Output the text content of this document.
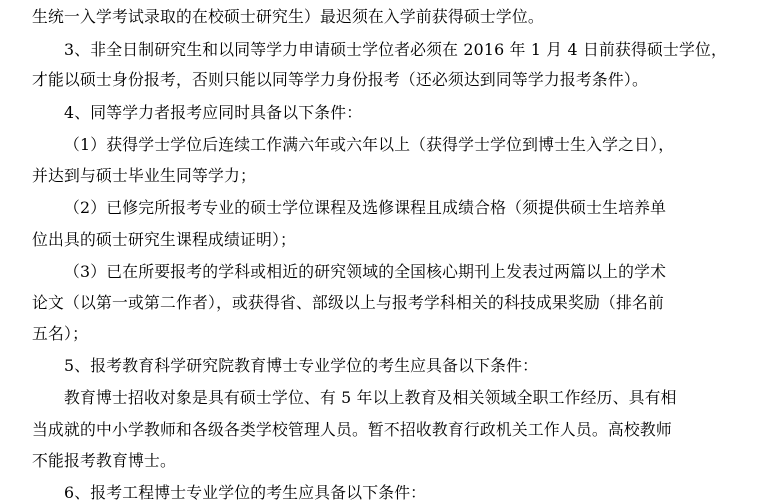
生统一入学考试录取的在校硕士研究生）最迟须在入学前获得硕士学位。
3、非全日制研究生和以同等学力申请硕士学位者必须在 2016 年 1 月 4 日前获得硕士学位，
才能以硕士身份报考，否则只能以同等学力身份报考（还必须达到同等学力报考条件）。
4、同等学力者报考应同时具备以下条件：
（1）获得学士学位后连续工作满六年或六年以上（获得学士学位到博士生入学之日），
并达到与硕士毕业生同等学力；
（2）已修完所报考专业的硕士学位课程及选修课程且成绩合格（须提供硕士生培养单
位出具的硕士研究生课程成绩证明）；
（3）已在所要报考的学科或相近的研究领域的全国核心期刊上发表过两篇以上的学术
论文（以第一或第二作者），或获得省、部级以上与报考学科相关的科技成果奖励（排名前
五名）；
5、报考教育科学研究院教育博士专业学位的考生应具备以下条件：
教育博士招收对象是具有硕士学位、有 5 年以上教育及相关领域全职工作经历、具有相
当成就的中小学教师和各级各类学校管理人员。暂不招收教育行政机关工作人员。高校教师
不能报考教育博士。
6、报考工程博士专业学位的考生应具备以下条件：
